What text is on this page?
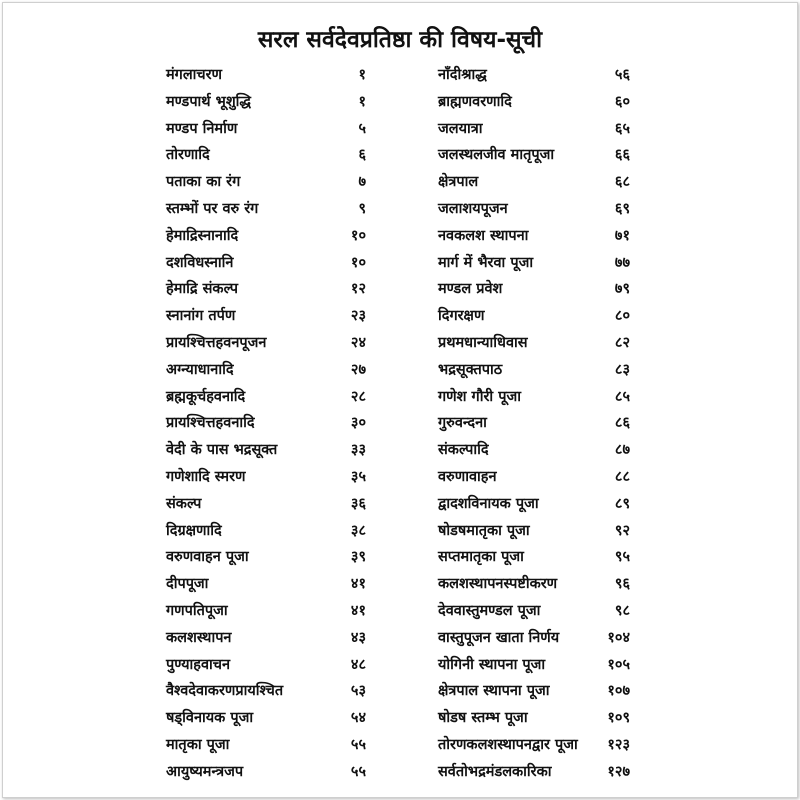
सरल सर्वदेवप्रतिष्ठा की विषय-सूची
मंगलाचरण	१
मण्डपार्थ भूशुद्धि	१
मण्डप निर्माण	५
तोरणादि	६
पताका का रंग	७
स्तम्भों पर वरु रंग	९
हेमाद्रिस्नानादि	१०
दशविधस्नानि	१०
हेमाद्रि संकल्प	१२
स्नानांग तर्पण	२३
प्रायश्चित्तहवनपूजन	२४
अग्न्याधानादि	२७
ब्रह्मकूर्चहवनादि	२८
प्रायश्चित्तहवनादि	३०
वेदी के पास भद्रसूक्त	३३
गणेशादि स्मरण	३५
संकल्प	३६
दिग्रक्षणादि	३८
वरुणवाहन पूजा	३९
दीपपूजा	४१
गणपतिपूजा	४१
कलशस्थापन	४३
पुण्याहवाचन	४८
वैश्वदेवाकरणप्रायश्चित	५३
षड्विनायक पूजा	५४
मातृका पूजा	५५
आयुष्यमन्त्रजप	५५
नाँदीश्राद्ध	५६
ब्राह्मणवरणादि	६०
जलयात्रा	६५
जलस्थलजीव मातृपूजा	६६
क्षेत्रपाल	६८
जलाशयपूजन	६९
नवकलश स्थापना	७१
मार्ग में भैरवा पूजा	७७
मण्डल प्रवेश	७९
दिगरक्षण	८०
प्रथमधान्याधिवास	८२
भद्रसूक्तपाठ	८३
गणेश गौरी पूजा	८५
गुरुवन्दना	८६
संकल्पादि	८७
वरुणावाहन	८८
द्वादशविनायक पूजा	८९
षोडषमातृका पूजा	९२
सप्तमातृका पूजा	९५
कलशस्थापनस्पष्टीकरण	९६
देववास्तुमण्डल पूजा	९८
वास्तुपूजन खाता निर्णय	१०४
योगिनी स्थापना पूजा	१०५
क्षेत्रपाल स्थापना पूजा	१०७
षोडष स्तम्भ पूजा	१०९
तोरणकलशस्थापनद्वार पूजा १२३
सर्वतोभद्रमंडलकारिका	१२७
